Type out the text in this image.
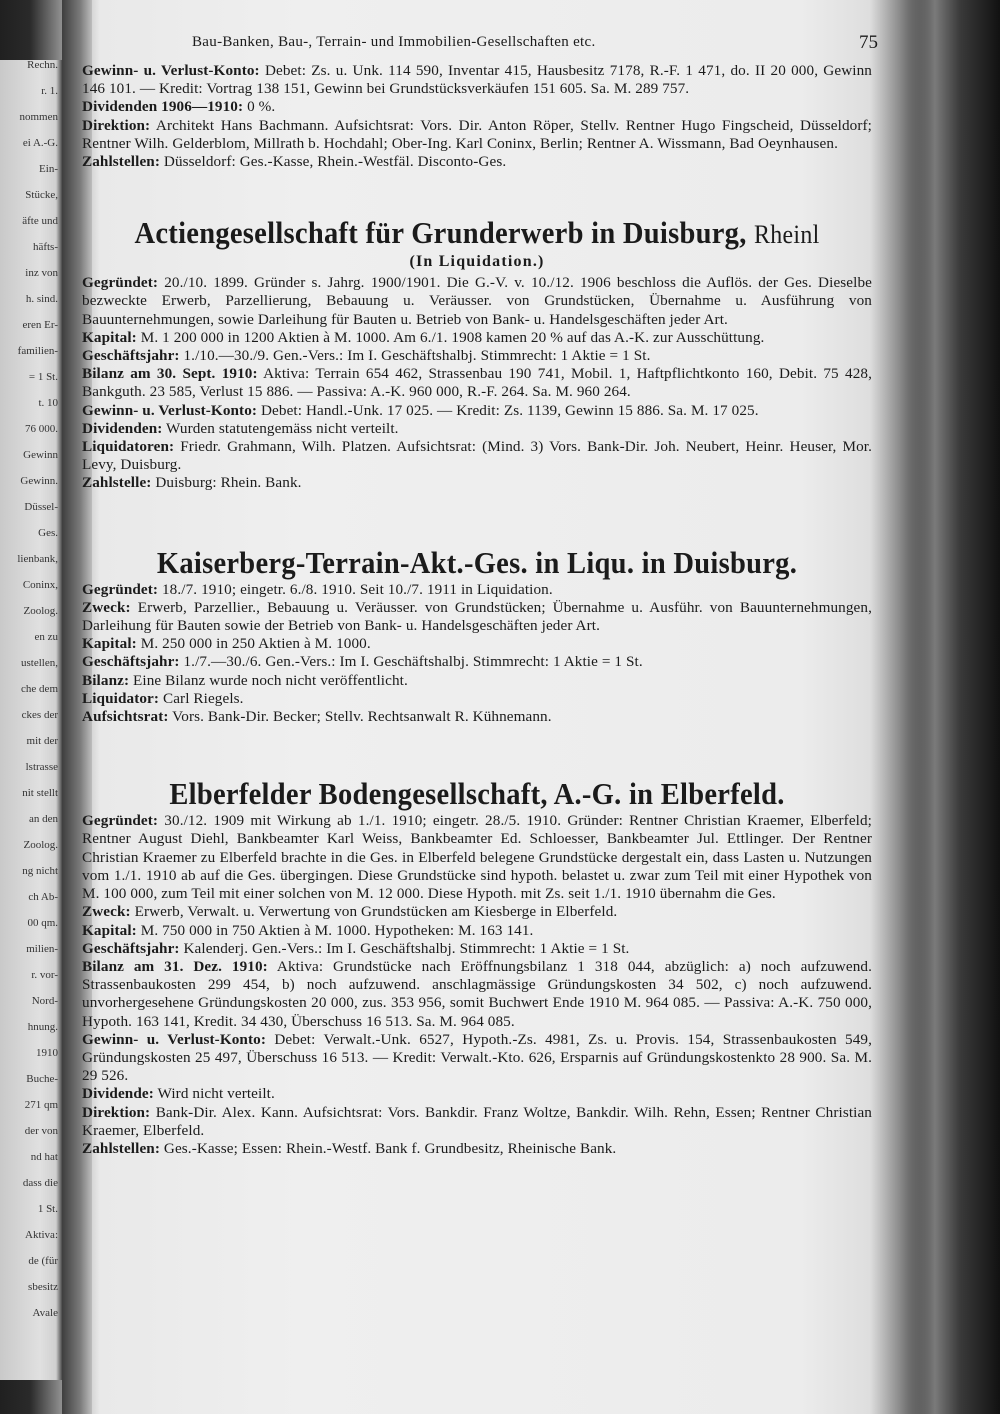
Rechn.
r. 1.
nommen
ei A.-G.
Ein-
Stücke,
äfte und
häfts-
inz von
h. sind.
eren Er-
familien-
= 1 St.
t. 10
76 000.
Gewinn
Gewinn.
Düssel-
Ges.
lienbank,
Coninx,
Zoolog.
en zu
ustellen,
che dem
ckes der
mit der
lstrasse
nit stellt
an den
Zoolog.
ng nicht
ch Ab-
00 qm.
milien-
r. vor-
Nord-
hnung.
1910
Buche-
271 qm
der von
nd hat
dass die
1 St.
Aktiva:
de (für
sbesitz
Avale
Bau-Banken, Bau-, Terrain- und Immobilien-Gesellschaften etc.	75

Gewinn- u. Verlust-Konto: Debet: Zs. u. Unk. 114 590, Inventar 415, Hausbesitz 7178, R.-F. 1 471, do. II 20 000, Gewinn 146 101. — Kredit: Vortrag 138 151, Gewinn bei Grundstücksverkäufen 151 605. Sa. M. 289 757.

Dividenden 1906—1910: 0 %.

Direktion: Architekt Hans Bachmann. Aufsichtsrat: Vors. Dir. Anton Röper, Stellv. Rentner Hugo Fingscheid, Düsseldorf; Rentner Wilh. Gelderblom, Millrath b. Hochdahl; Ober-Ing. Karl Coninx, Berlin; Rentner A. Wissmann, Bad Oeynhausen.

Zahlstellen: Düsseldorf: Ges.-Kasse, Rhein.-Westfäl. Disconto-Ges.

Actiengesellschaft für Grunderwerb in Duisburg, Rheinl

(In Liquidation.)

Gegründet: 20./10. 1899. Gründer s. Jahrg. 1900/1901. Die G.-V. v. 10./12. 1906 beschloss die Auflös. der Ges. Dieselbe bezweckte Erwerb, Parzellierung, Bebauung u. Veräusser. von Grundstücken, Übernahme u. Ausführung von Bauunternehmungen, sowie Darleihung für Bauten u. Betrieb von Bank- u. Handelsgeschäften jeder Art.

Kapital: M. 1 200 000 in 1200 Aktien à M. 1000. Am 6./1. 1908 kamen 20 % auf das A.-K. zur Ausschüttung.

Geschäftsjahr: 1./10.—30./9. Gen.-Vers.: Im I. Geschäftshalbj. Stimmrecht: 1 Aktie = 1 St.

Bilanz am 30. Sept. 1910: Aktiva: Terrain 654 462, Strassenbau 190 741, Mobil. 1, Haftpflichtkonto 160, Debit. 75 428, Bankguth. 23 585, Verlust 15 886. — Passiva: A.-K. 960 000, R.-F. 264. Sa. M. 960 264.

Gewinn- u. Verlust-Konto: Debet: Handl.-Unk. 17 025. — Kredit: Zs. 1139, Gewinn 15 886. Sa. M. 17 025.

Dividenden: Wurden statutengemäss nicht verteilt.

Liquidatoren: Friedr. Grahmann, Wilh. Platzen. Aufsichtsrat: (Mind. 3) Vors. Bank-Dir. Joh. Neubert, Heinr. Heuser, Mor. Levy, Duisburg.

Zahlstelle: Duisburg: Rhein. Bank.

Kaiserberg-Terrain-Akt.-Ges. in Liqu. in Duisburg.

Gegründet: 18./7. 1910; eingetr. 6./8. 1910. Seit 10./7. 1911 in Liquidation.

Zweck: Erwerb, Parzellier., Bebauung u. Veräusser. von Grundstücken; Übernahme u. Ausführ. von Bauunternehmungen, Darleihung für Bauten sowie der Betrieb von Bank- u. Handelsgeschäften jeder Art.

Kapital: M. 250 000 in 250 Aktien à M. 1000.

Geschäftsjahr: 1./7.—30./6. Gen.-Vers.: Im I. Geschäftshalbj. Stimmrecht: 1 Aktie = 1 St.

Bilanz: Eine Bilanz wurde noch nicht veröffentlicht.

Liquidator: Carl Riegels.

Aufsichtsrat: Vors. Bank-Dir. Becker; Stellv. Rechtsanwalt R. Kühnemann.

Elberfelder Bodengesellschaft, A.-G. in Elberfeld.

Gegründet: 30./12. 1909 mit Wirkung ab 1./1. 1910; eingetr. 28./5. 1910. Gründer: Rentner Christian Kraemer, Elberfeld; Rentner August Diehl, Bankbeamter Karl Weiss, Bankbeamter Ed. Schloesser, Bankbeamter Jul. Ettlinger. Der Rentner Christian Kraemer zu Elberfeld brachte in die Ges. in Elberfeld belegene Grundstücke dergestalt ein, dass Lasten u. Nutzungen vom 1./1. 1910 ab auf die Ges. übergingen. Diese Grundstücke sind hypoth. belastet u. zwar zum Teil mit einer Hypothek von M. 100 000, zum Teil mit einer solchen von M. 12 000. Diese Hypoth. mit Zs. seit 1./1. 1910 übernahm die Ges.

Zweck: Erwerb, Verwalt. u. Verwertung von Grundstücken am Kiesberge in Elberfeld.

Kapital: M. 750 000 in 750 Aktien à M. 1000. Hypotheken: M. 163 141.

Geschäftsjahr: Kalenderj. Gen.-Vers.: Im I. Geschäftshalbj. Stimmrecht: 1 Aktie = 1 St.

Bilanz am 31. Dez. 1910: Aktiva: Grundstücke nach Eröffnungsbilanz 1 318 044, abzüglich: a) noch aufzuwend. Strassenbaukosten 299 454, b) noch aufzuwend. anschlagmässige Gründungskosten 34 502, c) noch aufzuwend. unvorhergesehene Gründungskosten 20 000, zus. 353 956, somit Buchwert Ende 1910 M. 964 085. — Passiva: A.-K. 750 000, Hypoth. 163 141, Kredit. 34 430, Überschuss 16 513. Sa. M. 964 085.

Gewinn- u. Verlust-Konto: Debet: Verwalt.-Unk. 6527, Hypoth.-Zs. 4981, Zs. u. Provis. 154, Strassenbaukosten 549, Gründungskosten 25 497, Überschuss 16 513. — Kredit: Verwalt.-Kto. 626, Ersparnis auf Gründungskostenkto 28 900. Sa. M. 29 526.

Dividende: Wird nicht verteilt.

Direktion: Bank-Dir. Alex. Kann. Aufsichtsrat: Vors. Bankdir. Franz Woltze, Bankdir. Wilh. Rehn, Essen; Rentner Christian Kraemer, Elberfeld.

Zahlstellen: Ges.-Kasse; Essen: Rhein.-Westf. Bank f. Grundbesitz, Rheinische Bank.
